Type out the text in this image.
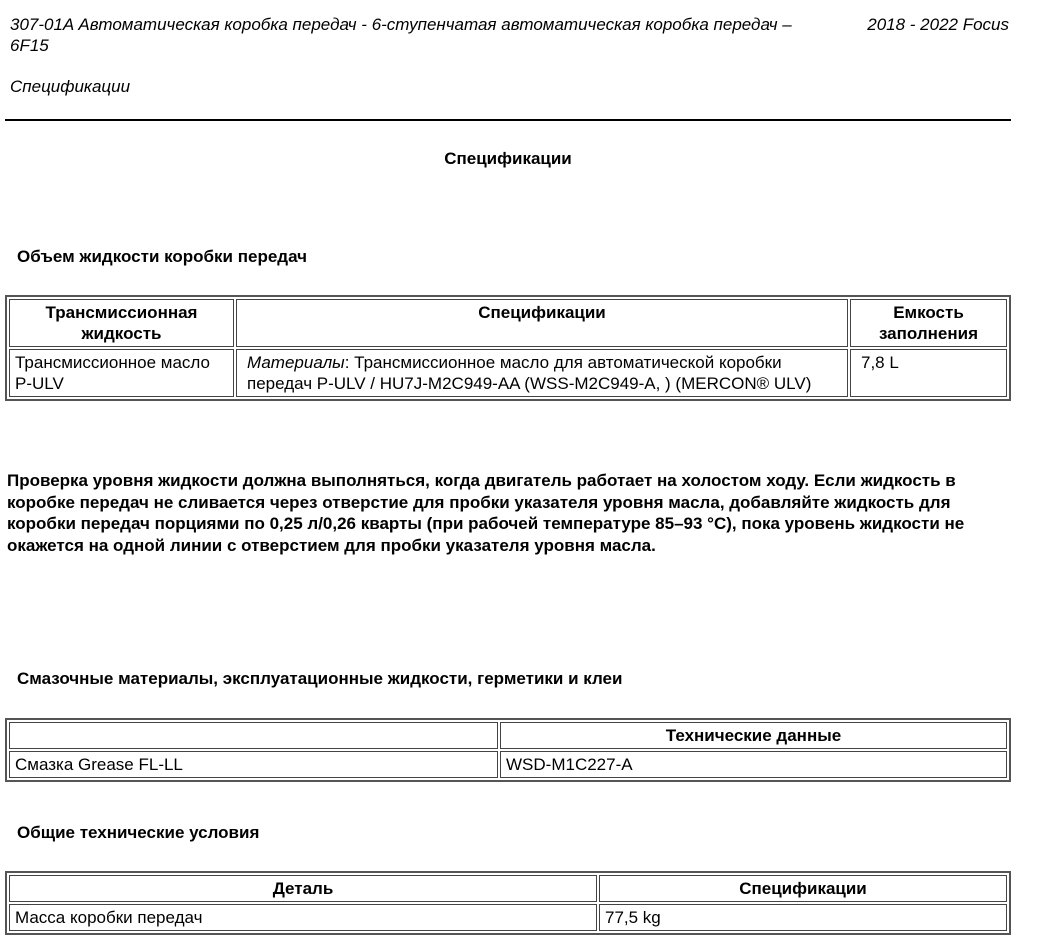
307-01A Автоматическая коробка передач - 6-ступенчатая автоматическая коробка передач – 6F15
2018 - 2022 Focus
Спецификации
Спецификации
Объем жидкости коробки передач
Трансмиссионная жидкость	Спецификации	Емкость заполнения
Трансмиссионное масло P-ULV	Материалы: Трансмиссионное масло для автоматической коробки передач P-ULV / HU7J-M2C949-AA (WSS-M2C949-A, ) (MERCON® ULV)	7,8 L
Проверка уровня жидкости должна выполняться, когда двигатель работает на холостом ходу. Если жидкость в коробке передач не сливается через отверстие для пробки указателя уровня масла, добавляйте жидкость для коробки передач порциями по 0,25 л/0,26 кварты (при рабочей температуре 85–93 °C), пока уровень жидкости не окажется на одной линии с отверстием для пробки указателя уровня масла.
Смазочные материалы, эксплуатационные жидкости, герметики и клеи
	Технические данные
Смазка Grease FL-LL	WSD-M1C227-A
Общие технические условия
Деталь	Спецификации
Масса коробки передач	77,5 kg
